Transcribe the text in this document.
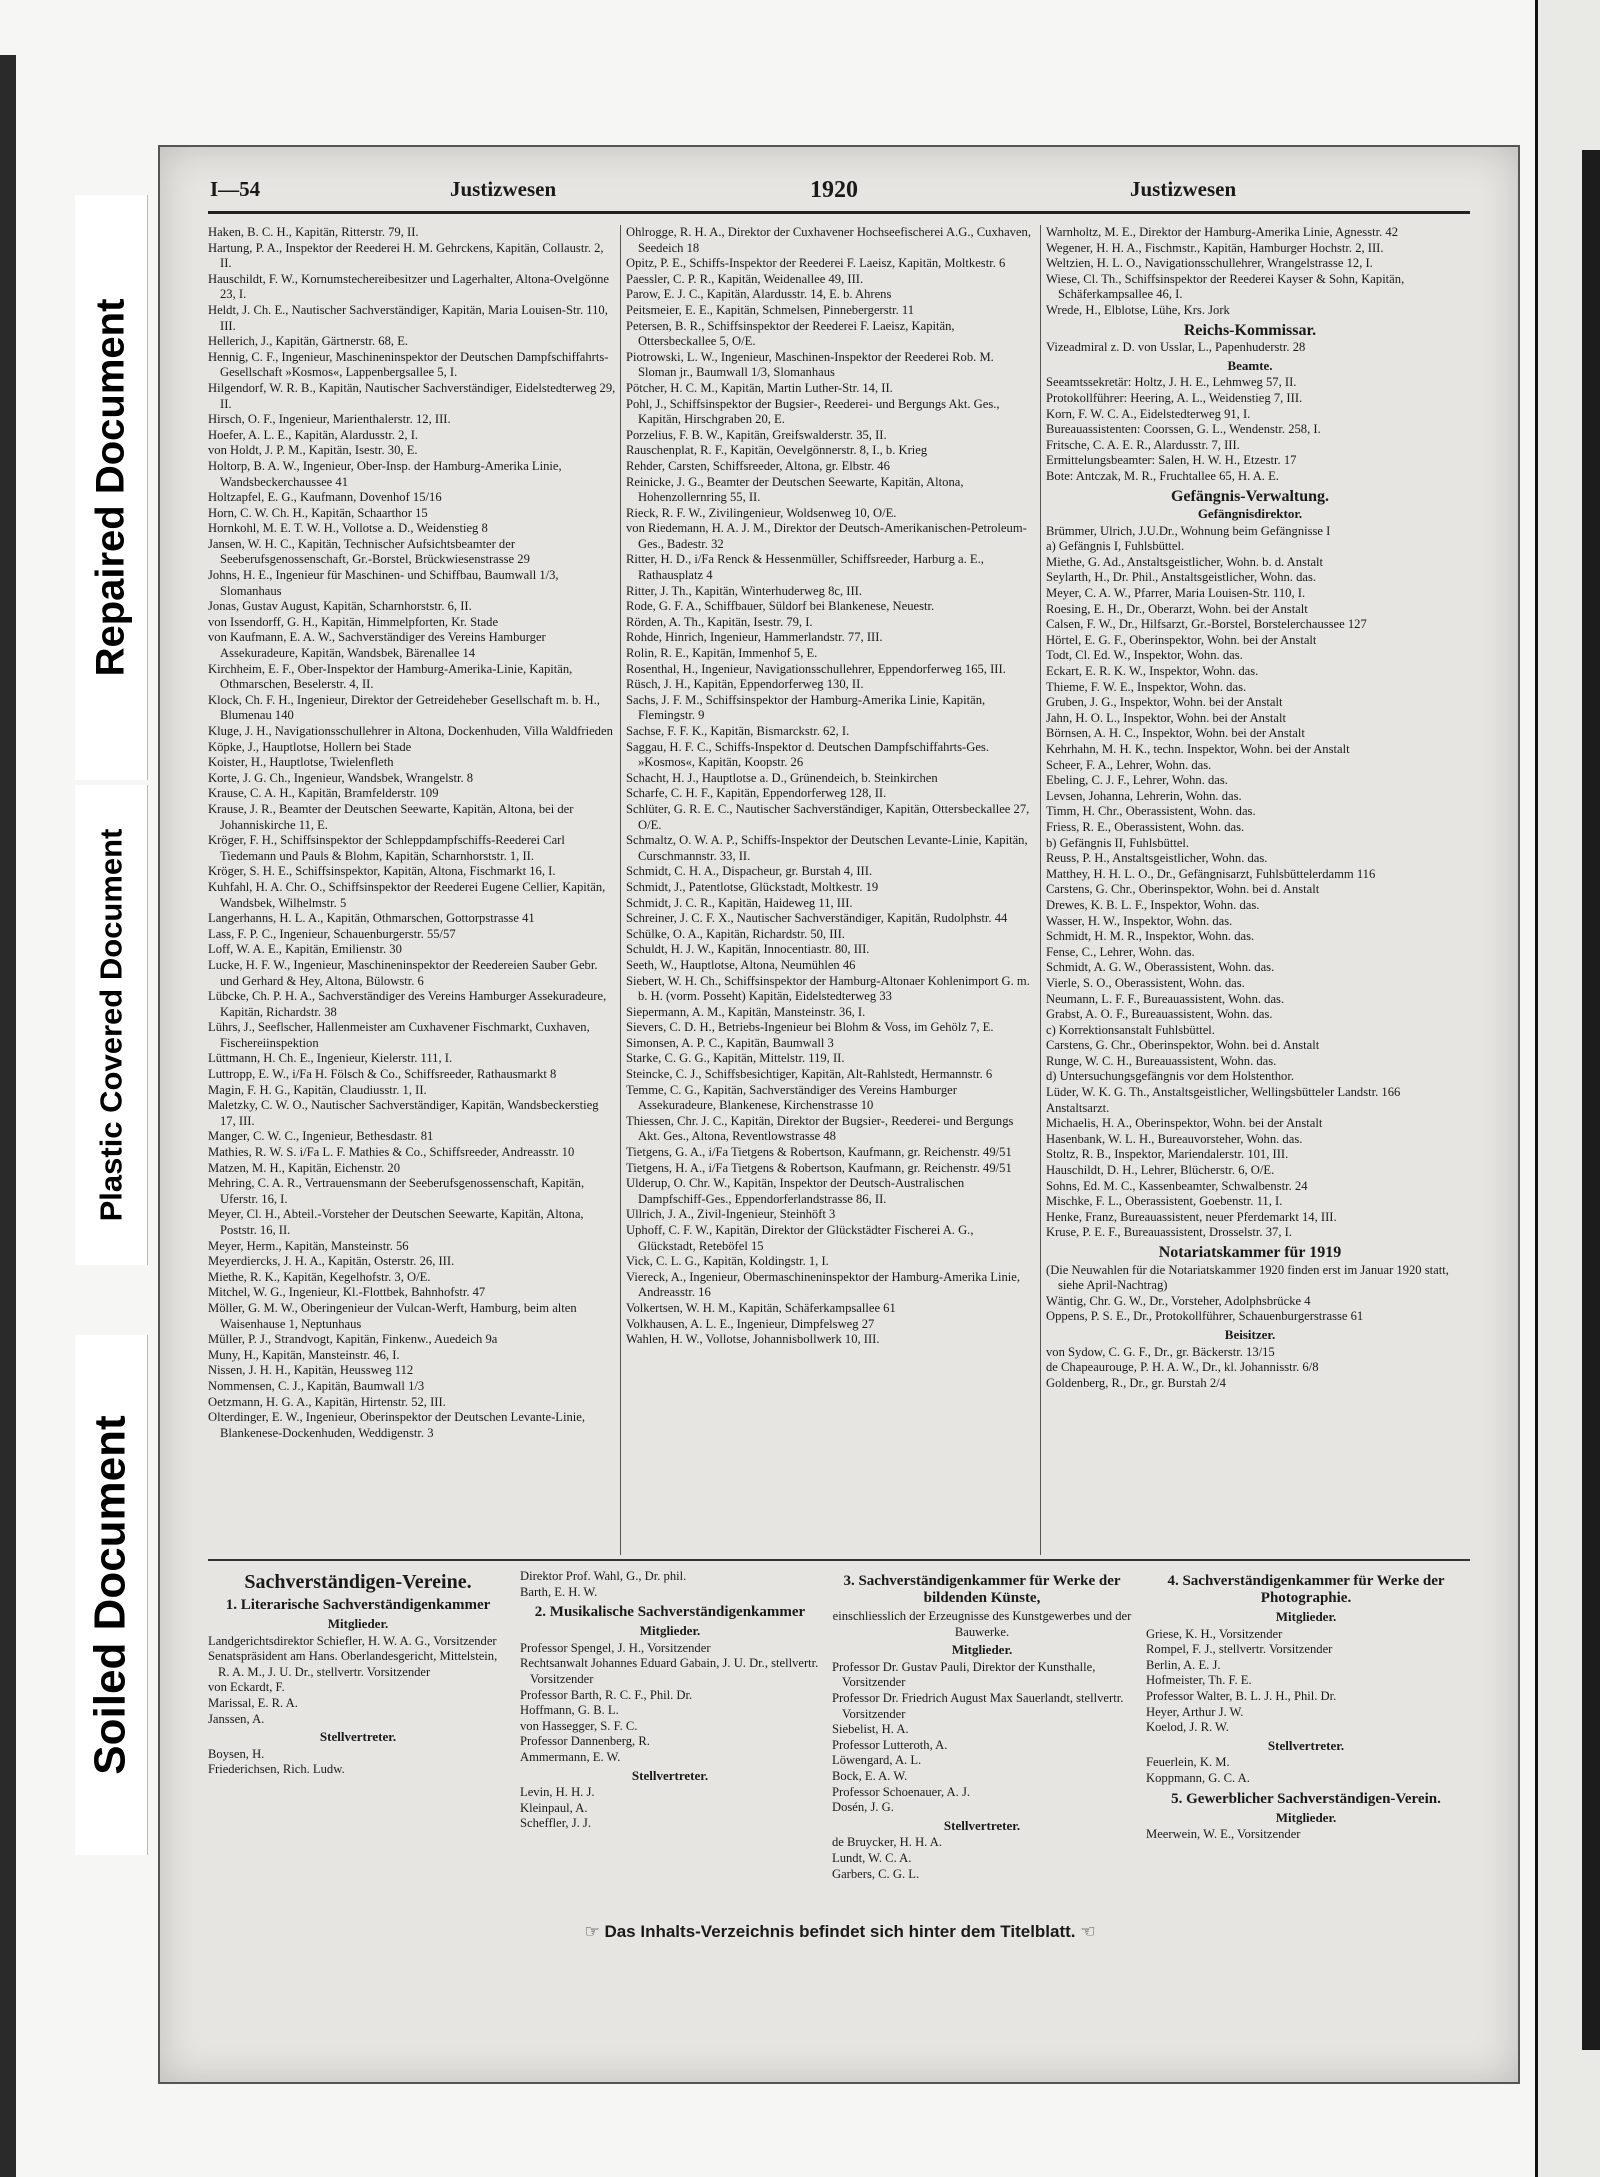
Repaired Document
Plastic Covered Document
Soiled Document
I—54	Justizwesen	1920	Justizwesen

Haken, B. C. H., Kapitän, Ritterstr. 79, II.

Hartung, P. A., Inspektor der Reederei H. M. Gehrckens, Kapitän, Collaustr. 2, II.

Hauschildt, F. W., Kornumstechereibesitzer und Lagerhalter, Altona-Ovelgönne 23, I.

Heldt, J. Ch. E., Nautischer Sachverständiger, Kapitän, Maria Louisen-Str. 110, III.

Hellerich, J., Kapitän, Gärtnerstr. 68, E.

Hennig, C. F., Ingenieur, Maschineninspektor der Deutschen Dampfschiffahrts-Gesellschaft »Kosmos«, Lappenbergsallee 5, I.

Hilgendorf, W. R. B., Kapitän, Nautischer Sachverständiger, Eidelstedterweg 29, II.

Hirsch, O. F., Ingenieur, Marienthalerstr. 12, III.

Hoefer, A. L. E., Kapitän, Alardusstr. 2, I.

von Holdt, J. P. M., Kapitän, Isestr. 30, E.

Holtorp, B. A. W., Ingenieur, Ober-Insp. der Hamburg-Amerika Linie, Wandsbeckerchaussee 41

Holtzapfel, E. G., Kaufmann, Dovenhof 15/16

Horn, C. W. Ch. H., Kapitän, Schaarthor 15

Hornkohl, M. E. T. W. H., Vollotse a. D., Weidenstieg 8

Jansen, W. H. C., Kapitän, Technischer Aufsichtsbeamter der Seeberufsgenossenschaft, Gr.-Borstel, Brückwiesenstrasse 29

Johns, H. E., Ingenieur für Maschinen- und Schiffbau, Baumwall 1/3, Slomanhaus

Jonas, Gustav August, Kapitän, Scharnhorststr. 6, II.

von Issendorff, G. H., Kapitän, Himmelpforten, Kr. Stade

von Kaufmann, E. A. W., Sachverständiger des Vereins Hamburger Assekuradeure, Kapitän, Wandsbek, Bärenallee 14

Kirchheim, E. F., Ober-Inspektor der Hamburg-Amerika-Linie, Kapitän, Othmarschen, Beselerstr. 4, II.

Klock, Ch. F. H., Ingenieur, Direktor der Getreideheber Gesellschaft m. b. H., Blumenau 140

Kluge, J. H., Navigationsschullehrer in Altona, Dockenhuden, Villa Waldfrieden

Köpke, J., Hauptlotse, Hollern bei Stade

Koister, H., Hauptlotse, Twielenfleth

Korte, J. G. Ch., Ingenieur, Wandsbek, Wrangelstr. 8

Krause, C. A. H., Kapitän, Bramfelderstr. 109

Krause, J. R., Beamter der Deutschen Seewarte, Kapitän, Altona, bei der Johanniskirche 11, E.

Kröger, F. H., Schiffsinspektor der Schleppdampfschiffs-Reederei Carl Tiedemann und Pauls & Blohm, Kapitän, Scharnhorststr. 1, II.

Kröger, S. H. E., Schiffsinspektor, Kapitän, Altona, Fischmarkt 16, I.

Kuhfahl, H. A. Chr. O., Schiffsinspektor der Reederei Eugene Cellier, Kapitän, Wandsbek, Wilhelmstr. 5

Langerhanns, H. L. A., Kapitän, Othmarschen, Gottorpstrasse 41

Lass, F. P. C., Ingenieur, Schauenburgerstr. 55/57

Loff, W. A. E., Kapitän, Emilienstr. 30

Lucke, H. F. W., Ingenieur, Maschineninspektor der Reedereien Sauber Gebr. und Gerhard & Hey, Altona, Bülowstr. 6

Lübcke, Ch. P. H. A., Sachverständiger des Vereins Hamburger Assekuradeure, Kapitän, Richardstr. 38

Lührs, J., Seeflscher, Hallenmeister am Cuxhavener Fischmarkt, Cuxhaven, Fischereiinspektion

Lüttmann, H. Ch. E., Ingenieur, Kielerstr. 111, I.

Luttropp, E. W., i/Fa H. Fölsch & Co., Schiffsreeder, Rathausmarkt 8

Magin, F. H. G., Kapitän, Claudiusstr. 1, II.

Maletzky, C. W. O., Nautischer Sachverständiger, Kapitän, Wandsbeckerstieg 17, III.

Manger, C. W. C., Ingenieur, Bethesdastr. 81

Mathies, R. W. S. i/Fa L. F. Mathies & Co., Schiffsreeder, Andreasstr. 10

Matzen, M. H., Kapitän, Eichenstr. 20

Mehring, C. A. R., Vertrauensmann der Seeberufsgenossenschaft, Kapitän, Uferstr. 16, I.

Meyer, Cl. H., Abteil.-Vorsteher der Deutschen Seewarte, Kapitän, Altona, Poststr. 16, II.

Meyer, Herm., Kapitän, Mansteinstr. 56

Meyerdiercks, J. H. A., Kapitän, Osterstr. 26, III.

Miethe, R. K., Kapitän, Kegelhofstr. 3, O/E.

Mitchel, W. G., Ingenieur, Kl.-Flottbek, Bahnhofstr. 47

Möller, G. M. W., Oberingenieur der Vulcan-Werft, Hamburg, beim alten Waisenhause 1, Neptunhaus

Müller, P. J., Strandvogt, Kapitän, Finkenw., Auedeich 9a

Muny, H., Kapitän, Mansteinstr. 46, I.

Nissen, J. H. H., Kapitän, Heussweg 112

Nommensen, C. J., Kapitän, Baumwall 1/3

Oetzmann, H. G. A., Kapitän, Hirtenstr. 52, III.

Olterdinger, E. W., Ingenieur, Oberinspektor der Deutschen Levante-Linie, Blankenese-Dockenhuden, Weddigenstr. 3

Ohlrogge, R. H. A., Direktor der Cuxhavener Hochseefischerei A.G., Cuxhaven, Seedeich 18

Opitz, P. E., Schiffs-Inspektor der Reederei F. Laeisz, Kapitän, Moltkestr. 6

Paessler, C. P. R., Kapitän, Weidenallee 49, III.

Parow, E. J. C., Kapitän, Alardusstr. 14, E. b. Ahrens

Peitsmeier, E. E., Kapitän, Schmelsen, Pinnebergerstr. 11

Petersen, B. R., Schiffsinspektor der Reederei F. Laeisz, Kapitän, Ottersbeckallee 5, O/E.

Piotrowski, L. W., Ingenieur, Maschinen-Inspektor der Reederei Rob. M. Sloman jr., Baumwall 1/3, Slomanhaus

Pötcher, H. C. M., Kapitän, Martin Luther-Str. 14, II.

Pohl, J., Schiffsinspektor der Bugsier-, Reederei- und Bergungs Akt. Ges., Kapitän, Hirschgraben 20, E.

Porzelius, F. B. W., Kapitän, Greifswalderstr. 35, II.

Rauschenplat, R. F., Kapitän, Oevelgönnerstr. 8, I., b. Krieg

Rehder, Carsten, Schiffsreeder, Altona, gr. Elbstr. 46

Reinicke, J. G., Beamter der Deutschen Seewarte, Kapitän, Altona, Hohenzollernring 55, II.

Rieck, R. F. W., Zivilingenieur, Woldsenweg 10, O/E.

von Riedemann, H. A. J. M., Direktor der Deutsch-Amerikanischen-Petroleum-Ges., Badestr. 32

Ritter, H. D., i/Fa Renck & Hessenmüller, Schiffsreeder, Harburg a. E., Rathausplatz 4

Ritter, J. Th., Kapitän, Winterhuderweg 8c, III.

Rode, G. F. A., Schiffbauer, Süldorf bei Blankenese, Neuestr.

Rörden, A. Th., Kapitän, Isestr. 79, I.

Rohde, Hinrich, Ingenieur, Hammerlandstr. 77, III.

Rolin, R. E., Kapitän, Immenhof 5, E.

Rosenthal, H., Ingenieur, Navigationsschullehrer, Eppendorferweg 165, III.

Rüsch, J. H., Kapitän, Eppendorferweg 130, II.

Sachs, J. F. M., Schiffsinspektor der Hamburg-Amerika Linie, Kapitän, Flemingstr. 9

Sachse, F. F. K., Kapitän, Bismarckstr. 62, I.

Saggau, H. F. C., Schiffs-Inspektor d. Deutschen Dampfschiffahrts-Ges. »Kosmos«, Kapitän, Koopstr. 26

Schacht, H. J., Hauptlotse a. D., Grünendeich, b. Steinkirchen

Scharfe, C. H. F., Kapitän, Eppendorferweg 128, II.

Schlüter, G. R. E. C., Nautischer Sachverständiger, Kapitän, Ottersbeckallee 27, O/E.

Schmaltz, O. W. A. P., Schiffs-Inspektor der Deutschen Levante-Linie, Kapitän, Curschmannstr. 33, II.

Schmidt, C. H. A., Dispacheur, gr. Burstah 4, III.

Schmidt, J., Patentlotse, Glückstadt, Moltkestr. 19

Schmidt, J. C. R., Kapitän, Haideweg 11, III.

Schreiner, J. C. F. X., Nautischer Sachverständiger, Kapitän, Rudolphstr. 44

Schülke, O. A., Kapitän, Richardstr. 50, III.

Schuldt, H. J. W., Kapitän, Innocentiastr. 80, III.

Seeth, W., Hauptlotse, Altona, Neumühlen 46

Siebert, W. H. Ch., Schiffsinspektor der Hamburg-Altonaer Kohlenimport G. m. b. H. (vorm. Posseht) Kapitän, Eidelstedterweg 33

Siepermann, A. M., Kapitän, Mansteinstr. 36, I.

Sievers, C. D. H., Betriebs-Ingenieur bei Blohm & Voss, im Gehölz 7, E.

Simonsen, A. P. C., Kapitän, Baumwall 3

Starke, C. G. G., Kapitän, Mittelstr. 119, II.

Steincke, C. J., Schiffsbesichtiger, Kapitän, Alt-Rahlstedt, Hermannstr. 6

Temme, C. G., Kapitän, Sachverständiger des Vereins Hamburger Assekuradeure, Blankenese, Kirchenstrasse 10

Thiessen, Chr. J. C., Kapitän, Direktor der Bugsier-, Reederei- und Bergungs Akt. Ges., Altona, Reventlowstrasse 48

Tietgens, G. A., i/Fa Tietgens & Robertson, Kaufmann, gr. Reichenstr. 49/51

Tietgens, H. A., i/Fa Tietgens & Robertson, Kaufmann, gr. Reichenstr. 49/51

Ulderup, O. Chr. W., Kapitän, Inspektor der Deutsch-Australischen Dampfschiff-Ges., Eppendorferlandstrasse 86, II.

Ullrich, J. A., Zivil-Ingenieur, Steinhöft 3

Uphoff, C. F. W., Kapitän, Direktor der Glückstädter Fischerei A. G., Glückstadt, Reteböfel 15

Vick, C. L. G., Kapitän, Koldingstr. 1, I.

Viereck, A., Ingenieur, Obermaschineninspektor der Hamburg-Amerika Linie, Andreasstr. 16

Volkertsen, W. H. M., Kapitän, Schäferkampsallee 61

Volkhausen, A. L. E., Ingenieur, Dimpfelsweg 27

Wahlen, H. W., Vollotse, Johannisbollwerk 10, III.

Warnholtz, M. E., Direktor der Hamburg-Amerika Linie, Agnesstr. 42

Wegener, H. H. A., Fischmstr., Kapitän, Hamburger Hochstr. 2, III.

Weltzien, H. L. O., Navigationsschullehrer, Wrangelstrasse 12, I.

Wiese, Cl. Th., Schiffsinspektor der Reederei Kayser & Sohn, Kapitän, Schäferkampsallee 46, I.

Wrede, H., Elblotse, Lühe, Krs. Jork

Reichs-Kommissar.

Vizeadmiral z. D. von Usslar, L., Papenhuderstr. 28

Beamte.

Seeamtssekretär: Holtz, J. H. E., Lehmweg 57, II.

Protokollführer: Heering, A. L., Weidenstieg 7, III.

Korn, F. W. C. A., Eidelstedterweg 91, I.

Bureauassistenten: Coorssen, G. L., Wendenstr. 258, I.

Fritsche, C. A. E. R., Alardusstr. 7, III.

Ermittelungsbeamter: Salen, H. W. H., Etzestr. 17

Bote: Antczak, M. R., Fruchtallee 65, H. A. E.

Gefängnis-Verwaltung.
Gefängnisdirektor.

Brümmer, Ulrich, J.U.Dr., Wohnung beim Gefängnisse I

a) Gefängnis I, Fuhlsbüttel.

Miethe, G. Ad., Anstaltsgeistlicher, Wohn. b. d. Anstalt

Seylarth, H., Dr. Phil., Anstaltsgeistlicher, Wohn. das.

Meyer, C. A. W., Pfarrer, Maria Louisen-Str. 110, I.

Roesing, E. H., Dr., Oberarzt, Wohn. bei der Anstalt

Calsen, F. W., Dr., Hilfsarzt, Gr.-Borstel, Borstelerchaussee 127

Hörtel, E. G. F., Oberinspektor, Wohn. bei der Anstalt

Todt, Cl. Ed. W., Inspektor, Wohn. das.

Eckart, E. R. K. W., Inspektor, Wohn. das.

Thieme, F. W. E., Inspektor, Wohn. das.

Gruben, J. G., Inspektor, Wohn. bei der Anstalt

Jahn, H. O. L., Inspektor, Wohn. bei der Anstalt

Börnsen, A. H. C., Inspektor, Wohn. bei der Anstalt

Kehrhahn, M. H. K., techn. Inspektor, Wohn. bei der Anstalt

Scheer, F. A., Lehrer, Wohn. das.

Ebeling, C. J. F., Lehrer, Wohn. das.

Levsen, Johanna, Lehrerin, Wohn. das.

Timm, H. Chr., Oberassistent, Wohn. das.

Friess, R. E., Oberassistent, Wohn. das.

b) Gefängnis II, Fuhlsbüttel.

Reuss, P. H., Anstaltsgeistlicher, Wohn. das.

Matthey, H. H. L. O., Dr., Gefängnisarzt, Fuhlsbüttelerdamm 116

Carstens, G. Chr., Oberinspektor, Wohn. bei d. Anstalt

Drewes, K. B. L. F., Inspektor, Wohn. das.

Wasser, H. W., Inspektor, Wohn. das.

Schmidt, H. M. R., Inspektor, Wohn. das.

Fense, C., Lehrer, Wohn. das.

Schmidt, A. G. W., Oberassistent, Wohn. das.

Vierle, S. O., Oberassistent, Wohn. das.

Neumann, L. F. F., Bureauassistent, Wohn. das.

Grabst, A. O. F., Bureauassistent, Wohn. das.

c) Korrektionsanstalt Fuhlsbüttel.

Carstens, G. Chr., Oberinspektor, Wohn. bei d. Anstalt

Runge, W. C. H., Bureauassistent, Wohn. das.

d) Untersuchungsgefängnis vor dem Holstenthor.

Lüder, W. K. G. Th., Anstaltsgeistlicher, Wellingsbütteler Landstr. 166

Anstaltsarzt.

Michaelis, H. A., Oberinspektor, Wohn. bei der Anstalt

Hasenbank, W. L. H., Bureauvorsteher, Wohn. das.

Stoltz, R. B., Inspektor, Mariendalerstr. 101, III.

Hauschildt, D. H., Lehrer, Blücherstr. 6, O/E.

Sohns, Ed. M. C., Kassenbeamter, Schwalbenstr. 24

Mischke, F. L., Oberassistent, Goebenstr. 11, I.

Henke, Franz, Bureauassistent, neuer Pferdemarkt 14, III.

Kruse, P. E. F., Bureauassistent, Drosselstr. 37, I.

Notariatskammer für 1919

(Die Neuwahlen für die Notariatskammer 1920 finden erst im Januar 1920 statt, siehe April-Nachtrag)

Wäntig, Chr. G. W., Dr., Vorsteher, Adolphsbrücke 4

Oppens, P. S. E., Dr., Protokollführer, Schauenburgerstrasse 61

Beisitzer.

von Sydow, C. G. F., Dr., gr. Bäckerstr. 13/15

de Chapeaurouge, P. H. A. W., Dr., kl. Johannisstr. 6/8

Goldenberg, R., Dr., gr. Burstah 2/4

Sachverständigen-Vereine.
1. Literarische Sachverständigenkammer
Mitglieder.

Landgerichtsdirektor Schiefler, H. W. A. G., Vorsitzender

Senatspräsident am Hans. Oberlandesgericht, Mittelstein, R. A. M., J. U. Dr., stellvertr. Vorsitzender

von Eckardt, F.

Marissal, E. R. A.

Janssen, A.

Stellvertreter.

Boysen, H.

Friederichsen, Rich. Ludw.

Direktor Prof. Wahl, G., Dr. phil.

Barth, E. H. W.

2. Musikalische Sachverständigenkammer
Mitglieder.

Professor Spengel, J. H., Vorsitzender

Rechtsanwalt Johannes Eduard Gabain, J. U. Dr., stellvertr. Vorsitzender

Professor Barth, R. C. F., Phil. Dr.

Hoffmann, G. B. L.

von Hassegger, S. F. C.

Professor Dannenberg, R.

Ammermann, E. W.

Stellvertreter.

Levin, H. H. J.

Kleinpaul, A.

Scheffler, J. J.

3. Sachverständigenkammer für Werke der bildenden Künste,

einschliesslich der Erzeugnisse des Kunstgewerbes und der Bauwerke.

Mitglieder.

Professor Dr. Gustav Pauli, Direktor der Kunsthalle, Vorsitzender

Professor Dr. Friedrich August Max Sauerlandt, stellvertr. Vorsitzender

Siebelist, H. A.

Professor Lutteroth, A.

Löwengard, A. L.

Bock, E. A. W.

Professor Schoenauer, A. J.

Dosén, J. G.

Stellvertreter.

de Bruycker, H. H. A.

Lundt, W. C. A.

Garbers, C. G. L.

4. Sachverständigenkammer für Werke der Photographie.
Mitglieder.

Griese, K. H., Vorsitzender

Rompel, F. J., stellvertr. Vorsitzender

Berlin, A. E. J.

Hofmeister, Th. F. E.

Professor Walter, B. L. J. H., Phil. Dr.

Heyer, Arthur J. W.

Koelod, J. R. W.

Stellvertreter.

Feuerlein, K. M.

Koppmann, G. C. A.

5. Gewerblicher Sachverständigen-Verein.
Mitglieder.

Meerwein, W. E., Vorsitzender

☞ Das Inhalts-Verzeichnis befindet sich hinter dem Titelblatt. ☜
